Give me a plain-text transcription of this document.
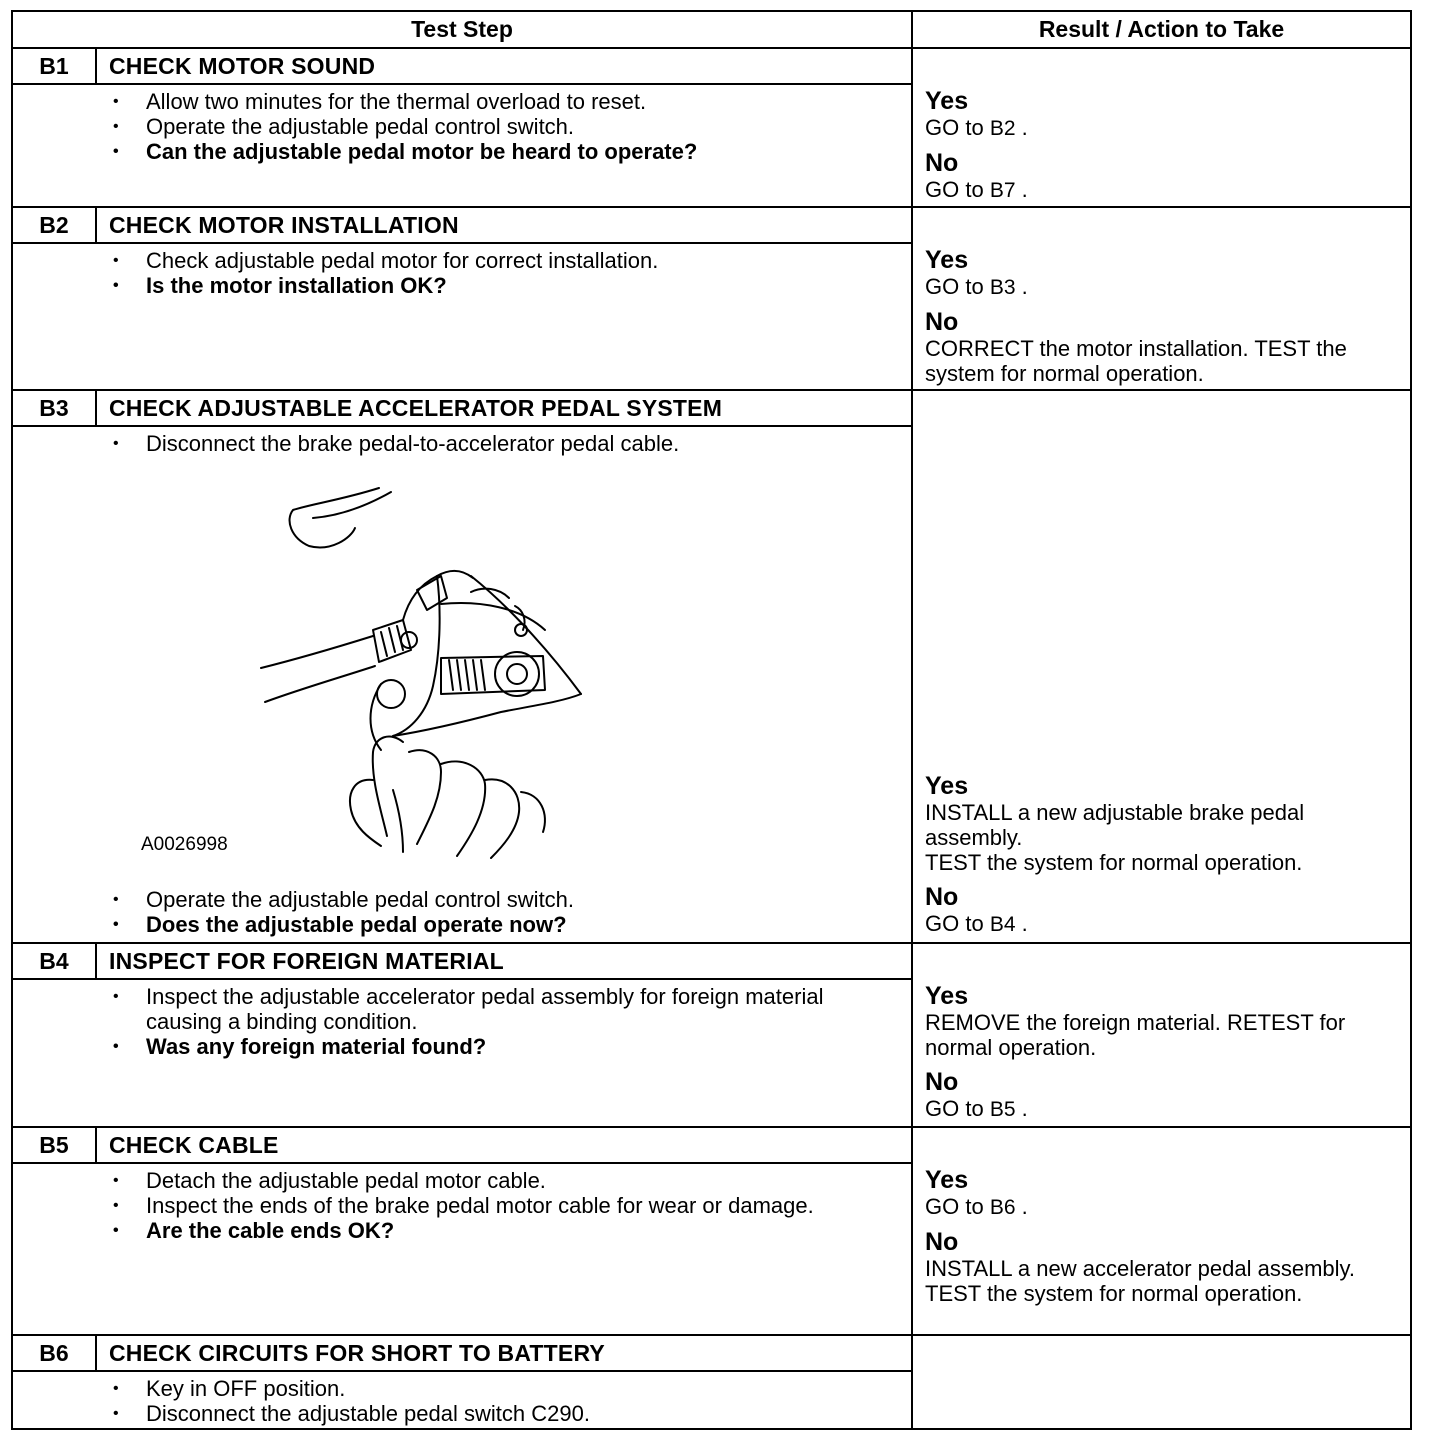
Test Step	Result / Action to Take
B1	CHECK MOTOR SOUND
• Allow two minutes for the thermal overload to reset.
• Operate the adjustable pedal control switch.
• Can the adjustable pedal motor be heard to operate?
Yes
GO to B2 .
No
GO to B7 .
B2	CHECK MOTOR INSTALLATION
• Check adjustable pedal motor for correct installation.
• Is the motor installation OK?
Yes
GO to B3 .
No
CORRECT the motor installation. TEST the system for normal operation.
B3	CHECK ADJUSTABLE ACCELERATOR PEDAL SYSTEM
• Disconnect the brake pedal-to-accelerator pedal cable.
A0026998
• Operate the adjustable pedal control switch.
• Does the adjustable pedal operate now?
Yes
INSTALL a new adjustable brake pedal assembly.
TEST the system for normal operation.
No
GO to B4 .
B4	INSPECT FOR FOREIGN MATERIAL
• Inspect the adjustable accelerator pedal assembly for foreign material causing a binding condition.
• Was any foreign material found?
Yes
REMOVE the foreign material. RETEST for normal operation.
No
GO to B5 .
B5	CHECK CABLE
• Detach the adjustable pedal motor cable.
• Inspect the ends of the brake pedal motor cable for wear or damage.
• Are the cable ends OK?
Yes
GO to B6 .
No
INSTALL a new accelerator pedal assembly.
TEST the system for normal operation.
B6	CHECK CIRCUITS FOR SHORT TO BATTERY
• Key in OFF position.
• Disconnect the adjustable pedal switch C290.
